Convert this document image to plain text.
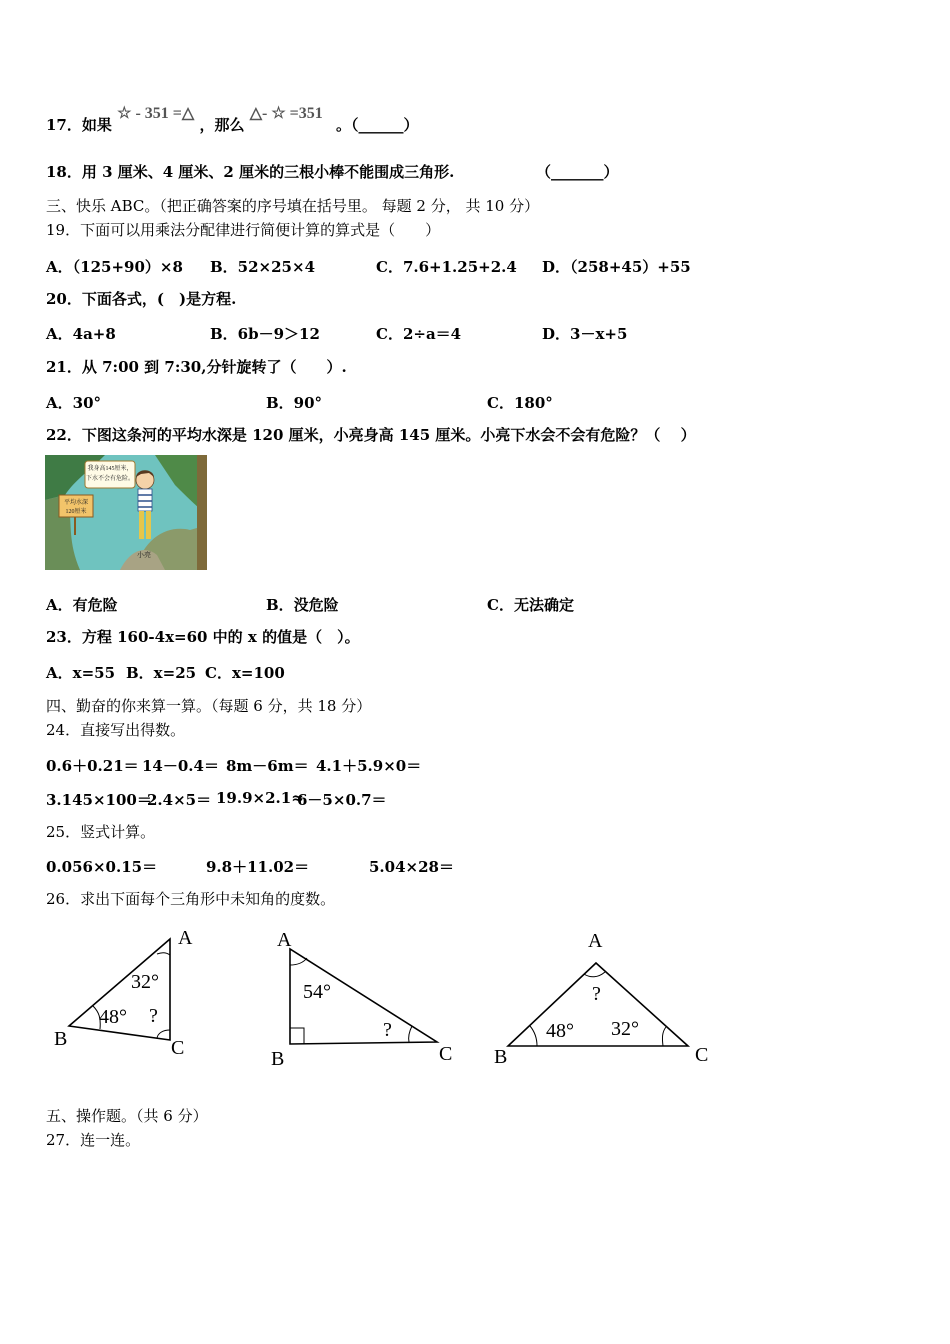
17．如果 ☆ - 351 =△ ，那么 △- ☆ =351 。（______）
18．用 3 厘米、4 厘米、2 厘米的三根小棒不能围成三角形.	（_______）
三、快乐 ABC。（把正确答案的序号填在括号里。 每题 2 分， 共 10 分）
19．下面可以用乘法分配律进行简便计算的算式是（　　）
A．（125+90）×8 B．52×25×4	C．7.6+1.25+2.4 D．（258+45）+55
20．下面各式，(　)是方程.
A．4a+8	B．6b－9＞12	C．2÷a＝4	D．3－x+5
21．从 7:00 到 7:30,分针旋转了（　　）.
A．30°	B．90°	C．180°
22．下图这条河的平均水深是 120 厘米，小亮身高 145 厘米。小亮下水会不会有危险？（　 ）
我身高145厘米，
下水不会有危险。
平均水深
120厘米
小亮
A．有危险	B．没危险	C．无法确定
23．方程 160-4x=60 中的 x 的值是（　）。
A．x=55 B．x=25 C．x=100
四、勤奋的你来算一算。（每题 6 分，共 18 分）
24．直接写出得数。
0.6＋0.21＝ 14－0.4＝ 8m－6m＝ 4.1＋5.9×0＝
3.145×100＝
2.4×5＝ 19.9×2.1≈
6－5×0.7＝
25．竖式计算。
0.056×0.15＝	9.8＋11.02＝	5.04×28＝
26．求出下面每个三角形中未知角的度数。
A
B	C
32°
48° ?
A
B	C
54°
?
A
B	C
?
48° 32°
五、操作题。（共 6 分）
27．连一连。
